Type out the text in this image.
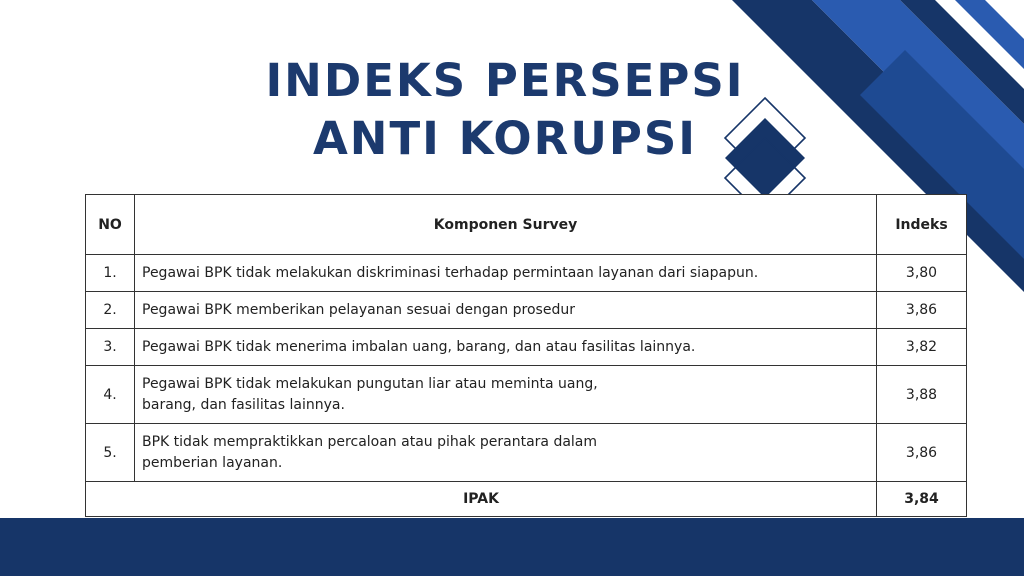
INDEKS PERSEPSI
ANTI KORUPSI
NO	Komponen Survey	Indeks
1.	Pegawai BPK tidak melakukan diskriminasi terhadap permintaan layanan dari siapapun.	3,80
2.	Pegawai BPK memberikan pelayanan sesuai dengan prosedur	3,86
3.	Pegawai BPK tidak menerima imbalan uang, barang, dan atau fasilitas lainnya.	3,82
4.	Pegawai BPK tidak melakukan pungutan liar atau meminta uang, barang, dan fasilitas lainnya.	3,88
5.	BPK tidak mempraktikkan percaloan atau pihak perantara dalam pemberian layanan.	3,86
IPAK		3,84
